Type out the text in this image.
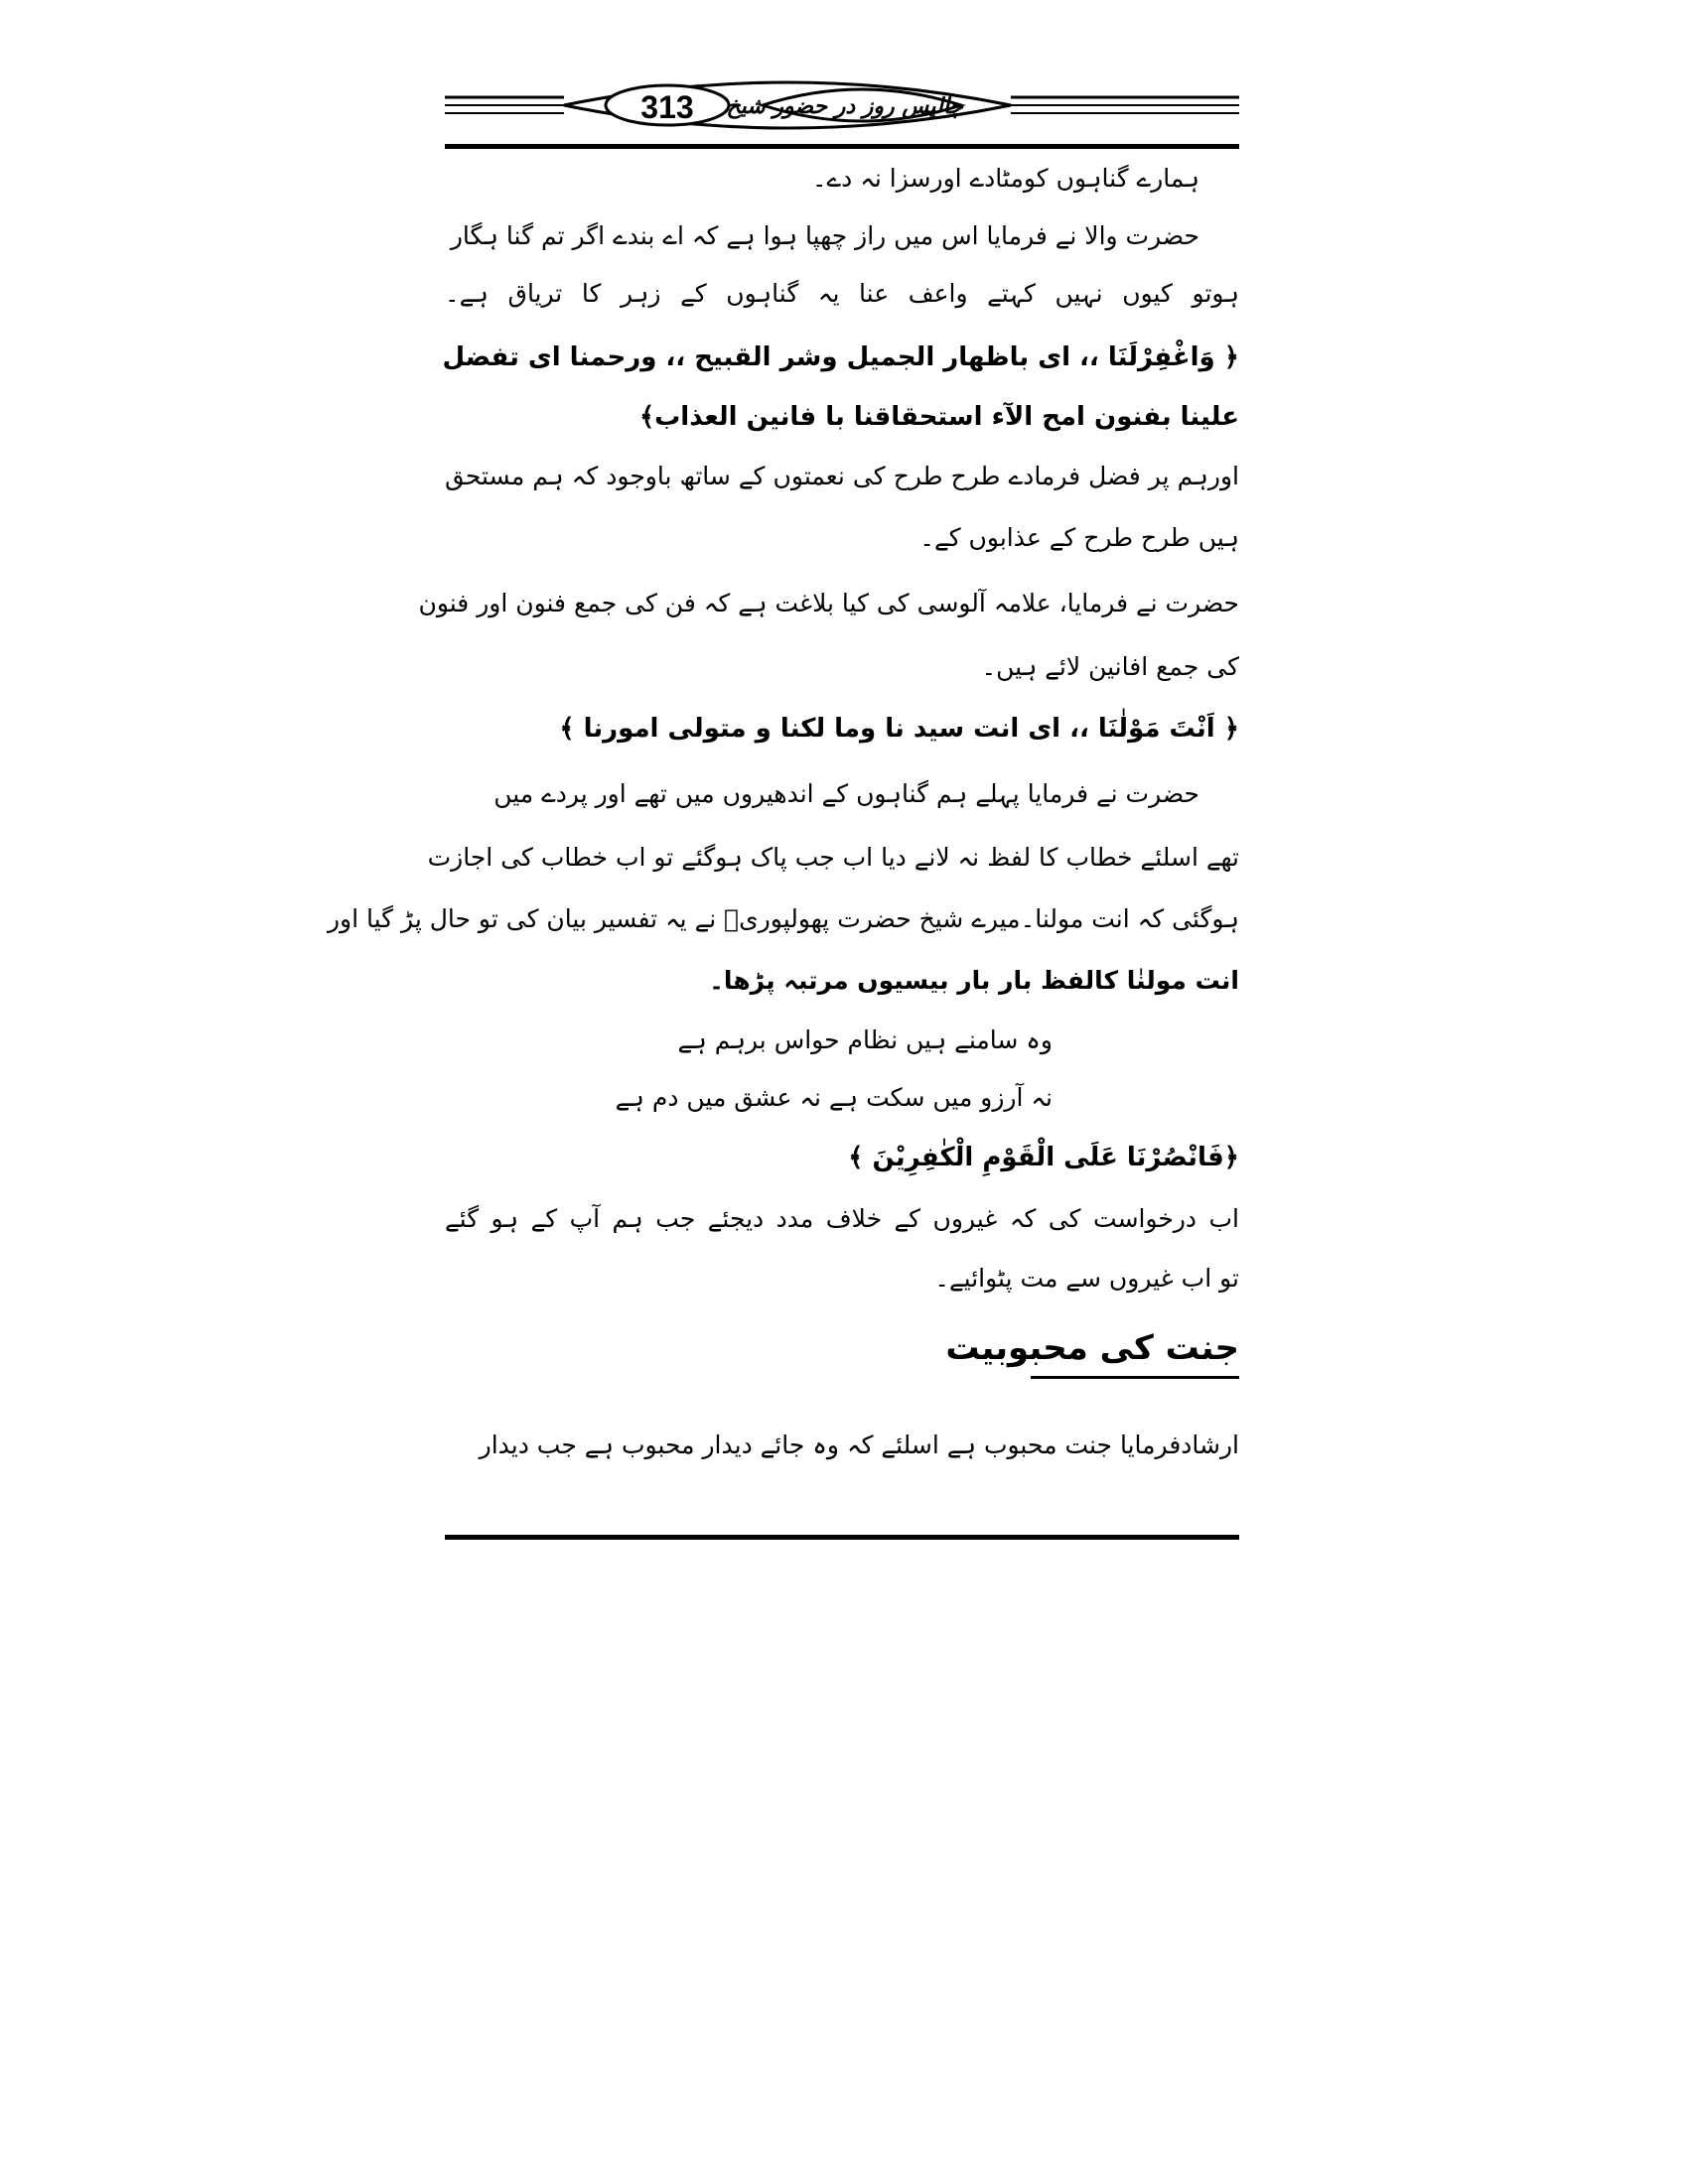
313	چالیس روز در حضور شیخ
ہمارے گناہوں کومٹادے اورسزا نہ دے۔
حضرت والا نے فرمایا اس میں راز چھپا ہوا ہے کہ اے بندے اگر تم گنا ہگار
ہوتو کیوں نہیں کہتے واعف عنا یہ گناہوں کے زہر کا تریاق ہے۔
﴿ وَاغْفِرْلَنَا ،، ای باظهار الجميل وشر القبيح ،، ورحمنا ای تفضل
علينا بفنون امح الآء استحقاقنا با فانين العذاب﴾
اورہم پر فضل فرمادے طرح طرح کی نعمتوں کے ساتھ باوجود کہ ہم مستحق
ہیں طرح طرح کے عذابوں کے۔
حضرت نے فرمایا، علامہ آلوسی کی کیا بلاغت ہے کہ فن کی جمع فنون اور فنون
کی جمع افانین لائے ہیں۔
﴿ اَنْتَ مَوْلٰنَا ،، ای انت سید نا وما لکنا و متولی امورنا ﴾
حضرت نے فرمایا پہلے ہم گناہوں کے اندھیروں میں تھے اور پردے میں
تھے اسلئے خطاب کا لفظ نہ لانے دیا اب جب پاک ہوگئے تو اب خطاب کی اجازت
ہوگئی کہ انت مولنا۔میرے شیخ حضرت پھولپوریؒ نے یہ تفسیر بیان کی تو حال پڑ گیا اور
انت مولنٰا کالفظ بار بار بیسیوں مرتبہ پڑھا۔
وہ سامنے ہیں نظام حواس برہم ہے
نہ آرزو میں سکت ہے نہ عشق میں دم ہے
﴿فَانْصُرْنَا عَلَى الْقَوْمِ الْكٰفِرِيْنَ ﴾
اب درخواست کی کہ غیروں کے خلاف مدد دیجئے جب ہم آپ کے ہو گئے
تو اب غیروں سے مت پٹوائیے۔
جنت کی محبوبیت
ارشادفرمایا جنت محبوب ہے اسلئے کہ وہ جائے دیدار محبوب ہے جب دیدار
